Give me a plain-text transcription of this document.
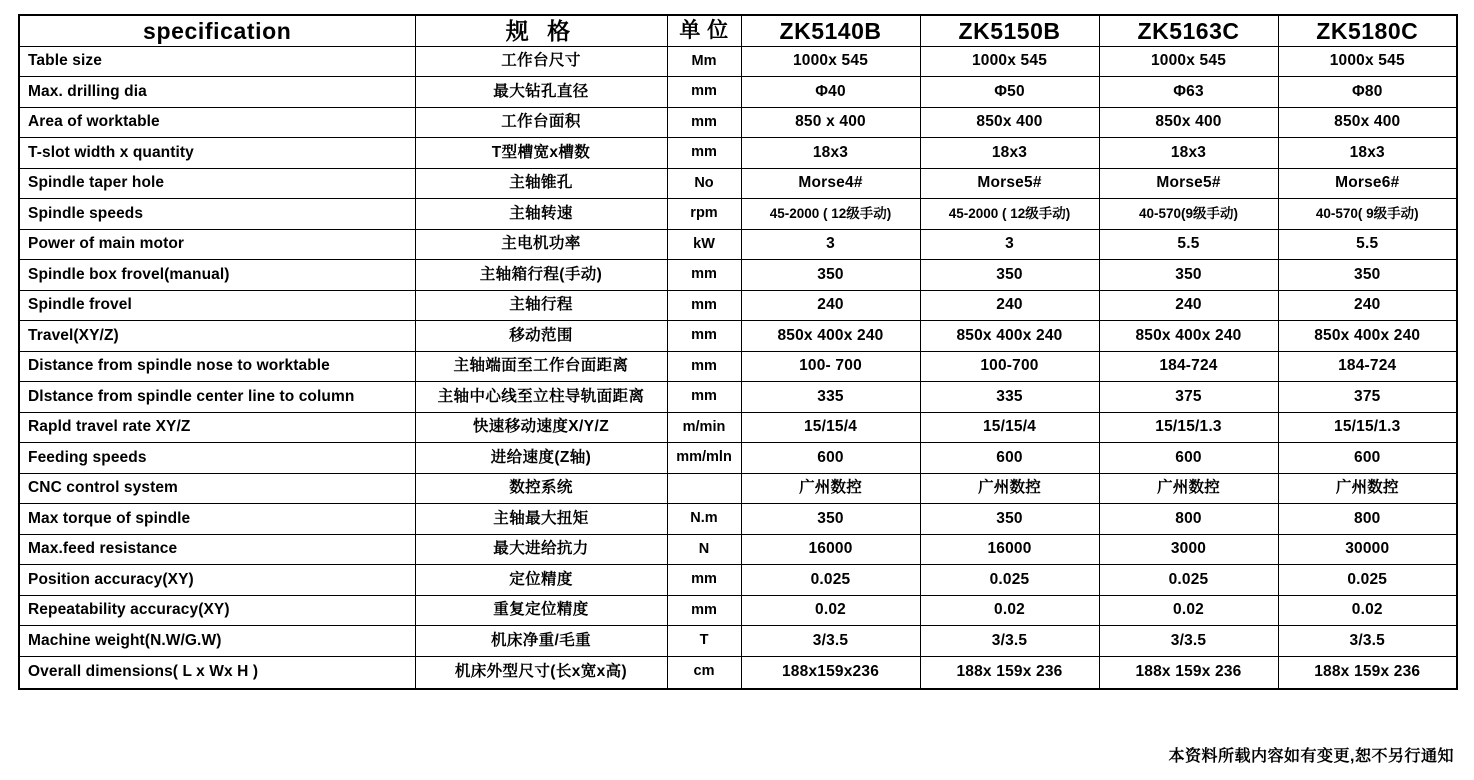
specification	规 格	单 位	ZK5140B	ZK5150B	ZK5163C	ZK5180C
Table size	工作台尺寸	Mm	1000x 545	1000x 545	1000x 545	1000x 545
Max. drilling dia	最大钻孔直径	mm	Φ40	Φ50	Φ63	Φ80
Area of worktable	工作台面积	mm	850 x 400	850x 400	850x 400	850x 400
T-slot width x quantity	T型槽宽x槽数	mm	18x3	18x3	18x3	18x3
Spindle taper hole	主轴锥孔	No	Morse4#	Morse5#	Morse5#	Morse6#
Spindle speeds	主轴转速	rpm	45-2000 ( 12级手动)	45-2000 ( 12级手动)	40-570(9级手动)	40-570( 9级手动)
Power of main motor	主电机功率	kW	3	3	5.5	5.5
Spindle box frovel(manual)	主轴箱行程(手动)	mm	350	350	350	350
Spindle frovel	主轴行程	mm	240	240	240	240
Travel(XY/Z)	移动范围	mm	850x 400x 240	850x 400x 240	850x 400x 240	850x 400x 240
Distance from spindle nose to worktable	主轴端面至工作台面距离	mm	100- 700	100-700	184-724	184-724
Dlstance from spindle center line to column	主轴中心线至立柱导轨面距离	mm	335	335	375	375
Rapld travel rate XY/Z	快速移动速度X/Y/Z	m/min	15/15/4	15/15/4	15/15/1.3	15/15/1.3
Feeding speeds	进给速度(Z轴)	mm/mln	600	600	600	600
CNC control system	数控系统		广州数控	广州数控	广州数控	广州数控
Max torque of spindle	主轴最大扭矩	N.m	350	350	800	800
Max.feed resistance	最大进给抗力	N	16000	16000	3000	30000
Position accuracy(XY)	定位精度	mm	0.025	0.025	0.025	0.025
Repeatability accuracy(XY)	重复定位精度	mm	0.02	0.02	0.02	0.02
Machine weight(N.W/G.W)	机床净重/毛重	T	3/3.5	3/3.5	3/3.5	3/3.5
Overall dimensions( L x Wx H )	机床外型尺寸(长x宽x高)	cm	188x159x236	188x 159x 236	188x 159x 236	188x 159x 236
本资料所载内容如有变更,恕不另行通知
